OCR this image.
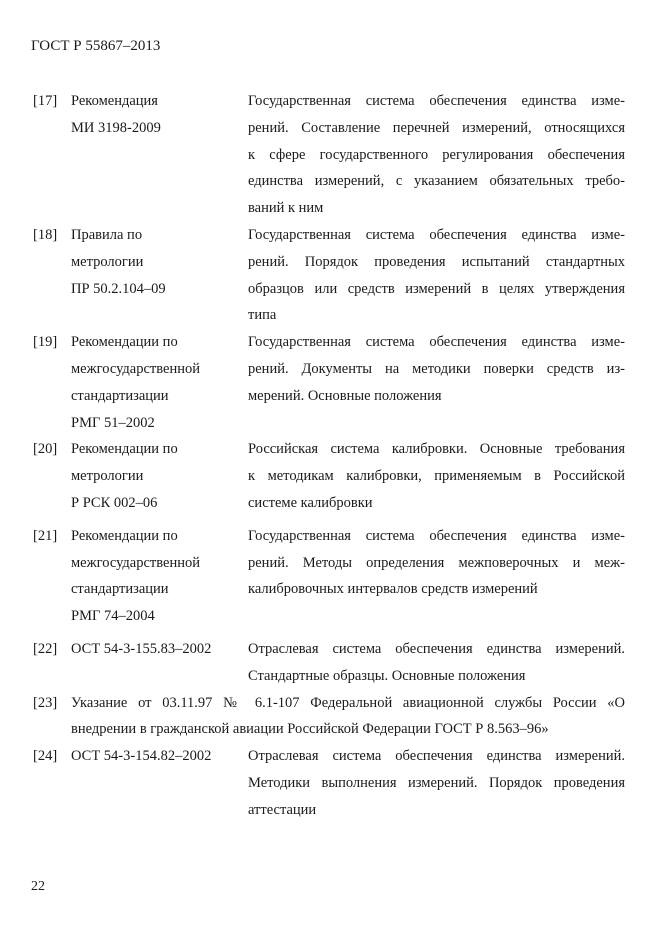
ГОСТ Р 55867–2013
[17] Рекомендация
МИ 3198-2009
Государственная система обеспечения единства изме-
рений. Составление перечней измерений, относящихся
к сфере государственного регулирования обеспечения
единства измерений, с указанием обязательных требо-
ваний к ним
[18] Правила по
метрологии
ПР 50.2.104–09
Государственная система обеспечения единства изме-
рений. Порядок проведения испытаний стандартных
образцов или средств измерений в целях утверждения
типа
[19] Рекомендации по
межгосударственной
стандартизации
РМГ 51–2002
Государственная система обеспечения единства изме-
рений. Документы на методики поверки средств из-
мерений. Основные положения

[20] Рекомендации по
метрологии
Р РСК 002–06
Российская система калибровки. Основные требования
к методикам калибровки, применяемым в Российской
системе калибровки
[21] Рекомендации по
межгосударственной
стандартизации
РМГ 74–2004
Государственная система обеспечения единства изме-
рений. Методы определения межповерочных и меж-
калибровочных интервалов средств измерений

[22] ОСТ 54-3-155.83–2002	Отраслевая система обеспечения единства измерений.
Стандартные образцы. Основные положения
[23] Указание от 03.11.97 № 6.1-107 Федеральной авиационной службы России «О
внедрении в гражданской авиации Российской Федерации ГОСТ Р 8.563–96»
[24] ОСТ 54-3-154.82–2002	Отраслевая система обеспечения единства измерений.
Методики выполнения измерений. Порядок проведения
аттестации
22
